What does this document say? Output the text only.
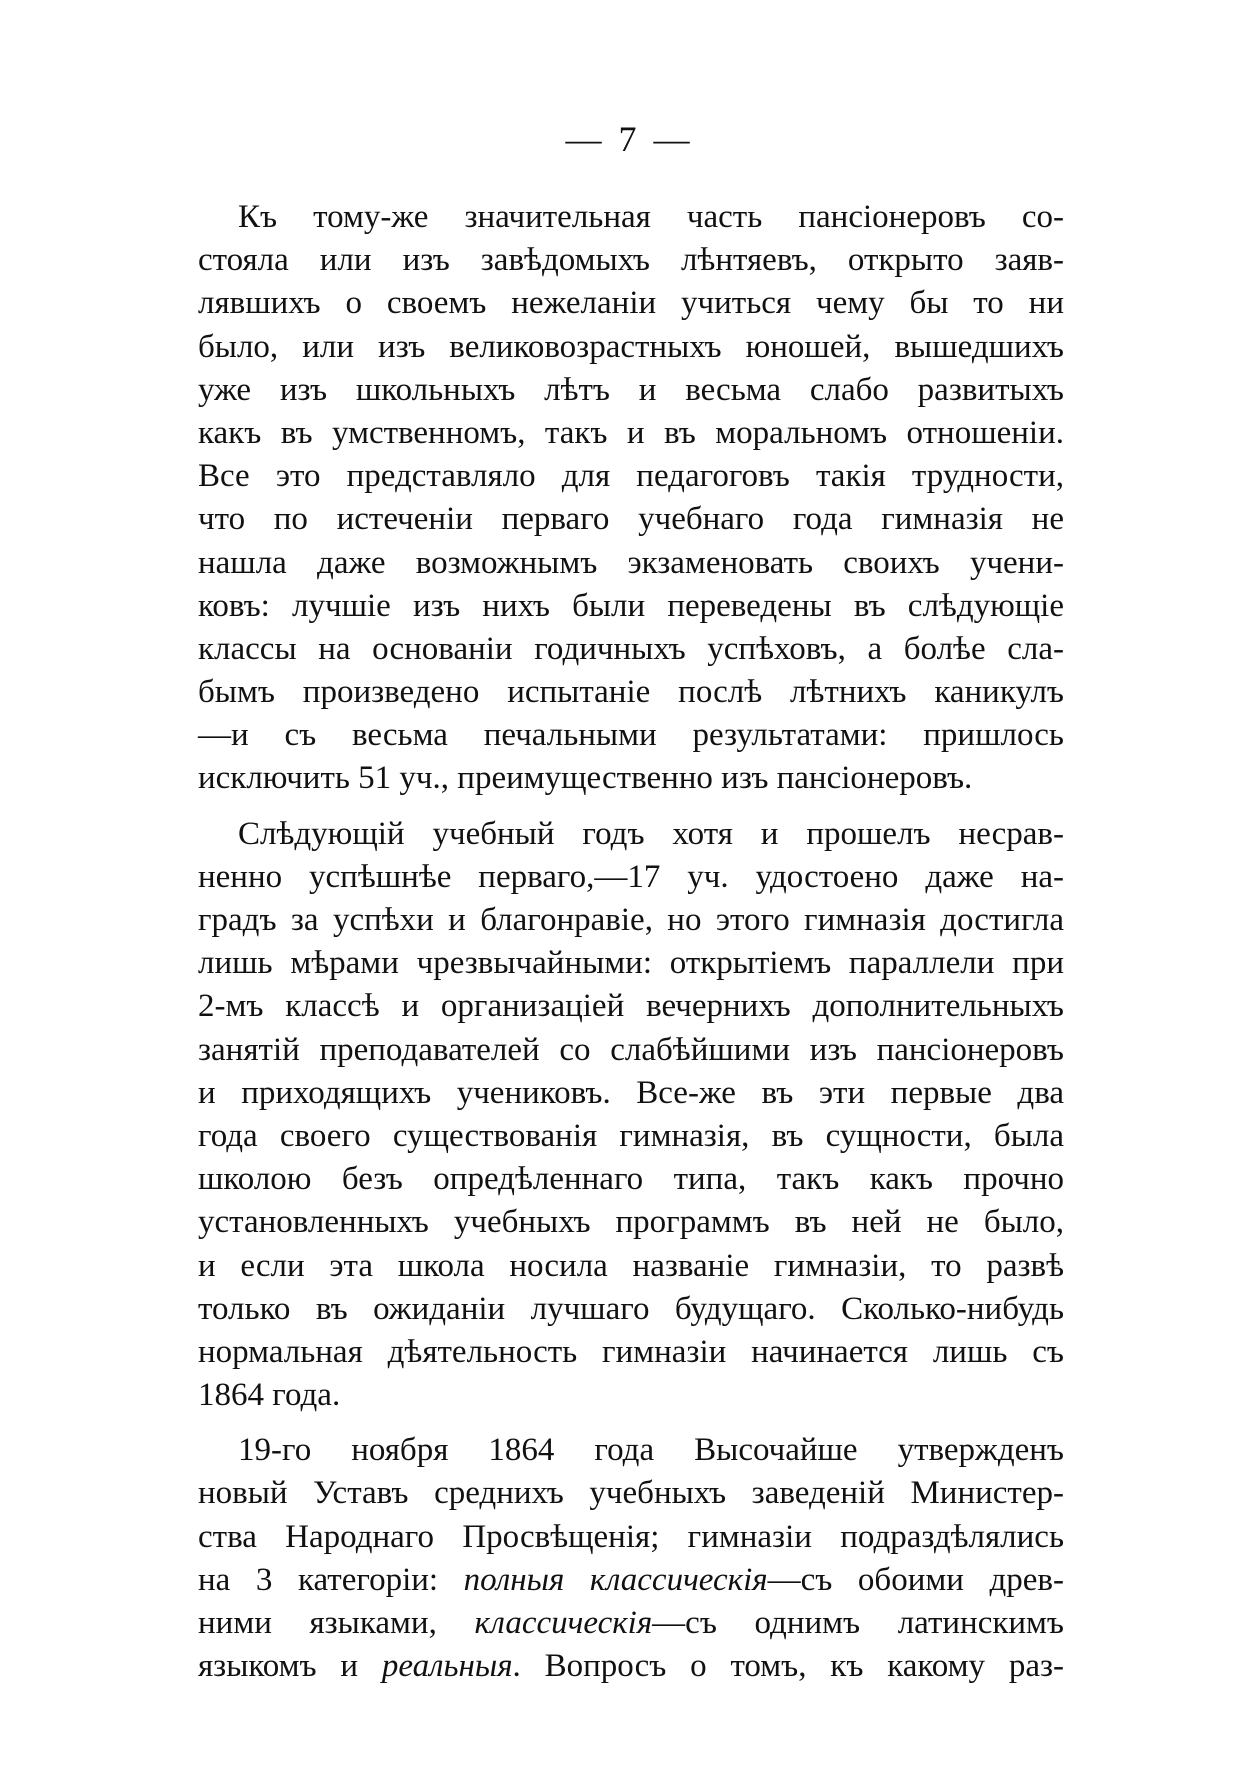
— 7 —
Къ тому-же значительная часть пансіонеровъ со-
стояла или изъ завѣдомыхъ лѣнтяевъ, открыто заяв-
лявшихъ о своемъ нежеланіи учиться чему бы то ни
было, или изъ великовозрастныхъ юношей, вышедшихъ
уже изъ школьныхъ лѣтъ и весьма слабо развитыхъ
какъ въ умственномъ, такъ и въ моральномъ отношеніи.
Все это представляло для педагоговъ такія трудности,
что по истеченіи перваго учебнаго года гимназія не
нашла даже возможнымъ экзаменовать своихъ учени-
ковъ: лучшіе изъ нихъ были переведены въ слѣдующіе
классы на основаніи годичныхъ успѣховъ, а болѣе сла-
бымъ произведено испытаніе послѣ лѣтнихъ каникулъ
—и съ весьма печальными результатами: пришлось
исключить 51 уч., преимущественно изъ пансіонеровъ.
Слѣдующій учебный годъ хотя и прошелъ несрав-
ненно успѣшнѣе перваго,—17 уч. удостоено даже на-
градъ за успѣхи и благонравіе, но этого гимназія достигла
лишь мѣрами чрезвычайными: открытіемъ параллели при
2-мъ классѣ и организаціей вечернихъ дополнительныхъ
занятій преподавателей со слабѣйшими изъ пансіонеровъ
и приходящихъ учениковъ. Все-же въ эти первые два
года своего существованія гимназія, въ сущности, была
школою безъ опредѣленнаго типа, такъ какъ прочно
установленныхъ учебныхъ программъ въ ней не было,
и если эта школа носила названіе гимназіи, то развѣ
только въ ожиданіи лучшаго будущаго. Сколько-нибудь
нормальная дѣятельность гимназіи начинается лишь съ
1864 года.
19-го ноября 1864 года Высочайше утвержденъ
новый Уставъ среднихъ учебныхъ заведеній Министер-
ства Народнаго Просвѣщенія; гимназіи подраздѣлялись
на 3 категоріи: полныя классическія—съ обоими древ-
ними языками, классическія—съ однимъ латинскимъ
языкомъ и реальныя. Вопросъ о томъ, къ какому раз-
